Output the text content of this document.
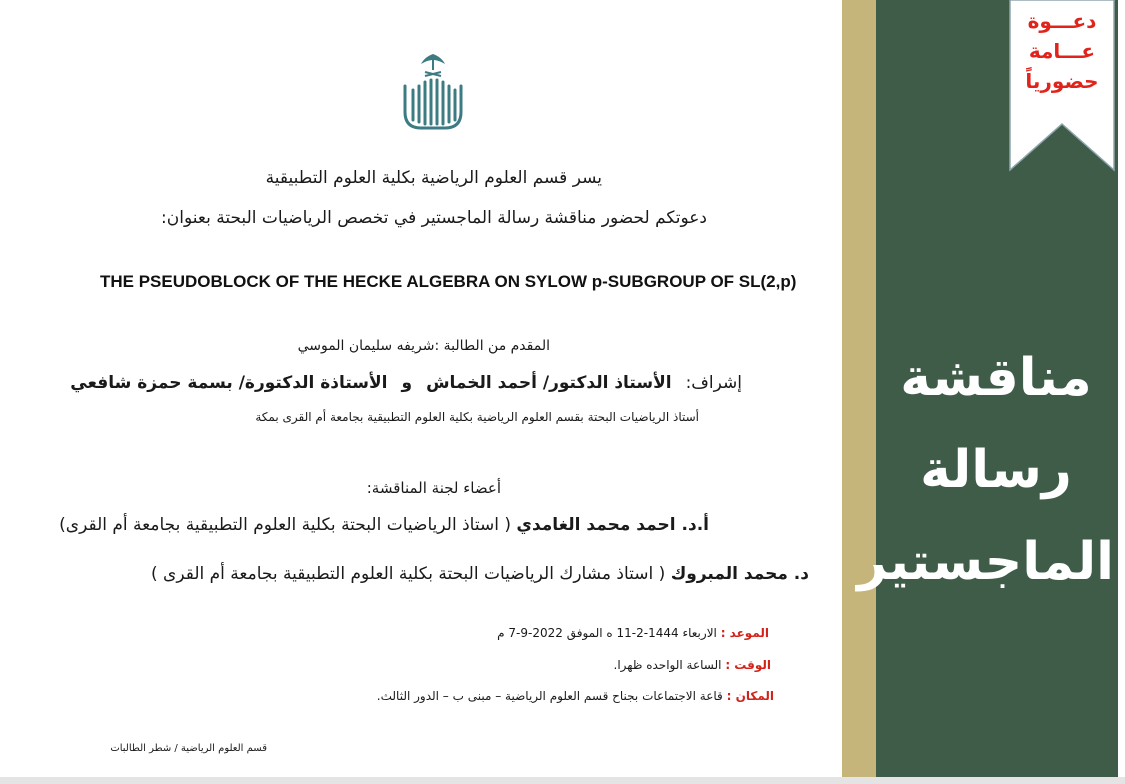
يسر قسم العلوم الرياضية بكلية العلوم التطبيقية
دعوتكم لحضور مناقشة رسالة الماجستير في تخصص الرياضيات البحتة بعنوان:
THE PSEUDOBLOCK OF THE HECKE ALGEBRA ON SYLOW p-SUBGROUP OF SL(2,p)
المقدم من الطالبة :شريفه سليمان الموسي
إشراف:الأستاذ الدكتور/ أحمد الخماشوالأستاذة الدكتورة/ بسمة حمزة شافعي
أستاذ الرياضيات البحتة بقسم العلوم الرياضية بكلية العلوم التطبيقية بجامعة أم القرى بمكة
أعضاء لجنة المناقشة:
أ.د. احمد محمد الغامدي ( استاذ الرياضيات البحتة بكلية العلوم التطبيقية بجامعة أم القرى)
د. محمد المبروك ( استاذ مشارك الرياضيات البحتة بكلية العلوم التطبيقية بجامعة أم القرى )
الموعد : الاربعاء 1444-2-11 ه الموفق 2022-9-7 م
الوقت : الساعة الواحده ظهرا.
المكان : قاعة الاجتماعات بجناح قسم العلوم الرياضية – مبنى ب – الدور الثالث.
قسم العلوم الرياضية / شطر الطالبات
دعـــوة
عـــامة
حضورياً
مناقشة
رسالة
الماجستير
